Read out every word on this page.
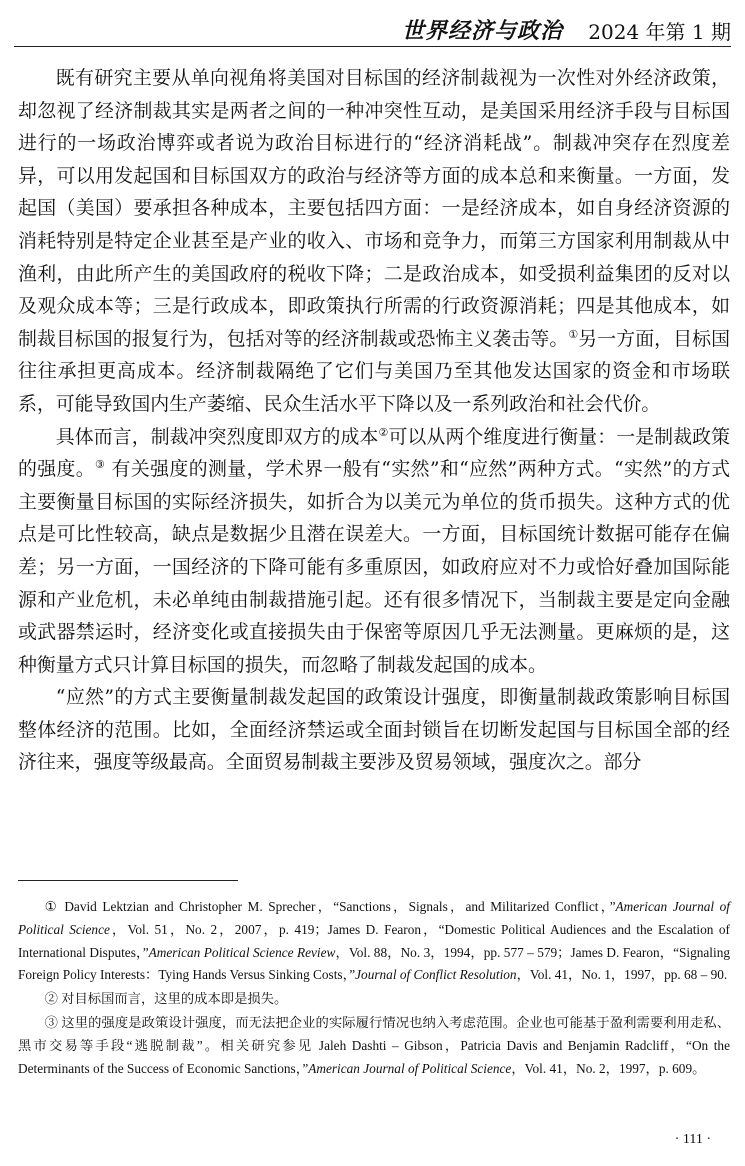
世界经济与政治 2024 年第 1 期

既有研究主要从单向视角将美国对目标国的经济制裁视为一次性对外经济政策，却忽视了经济制裁其实是两者之间的一种冲突性互动，是美国采用经济手段与目标国进行的一场政治博弈或者说为政治目标进行的“经济消耗战”。制裁冲突存在烈度差异，可以用发起国和目标国双方的政治与经济等方面的成本总和来衡量。一方面，发起国（美国）要承担各种成本，主要包括四方面：一是经济成本，如自身经济资源的消耗特别是特定企业甚至是产业的收入、市场和竞争力，而第三方国家利用制裁从中渔利，由此所产生的美国政府的税收下降；二是政治成本，如受损利益集团的反对以及观众成本等；三是行政成本，即政策执行所需的行政资源消耗；四是其他成本，如制裁目标国的报复行为，包括对等的经济制裁或恐怖主义袭击等。①另一方面，目标国往往承担更高成本。经济制裁隔绝了它们与美国乃至其他发达国家的资金和市场联系，可能导致国内生产萎缩、民众生活水平下降以及一系列政治和社会代价。

具体而言，制裁冲突烈度即双方的成本②可以从两个维度进行衡量：一是制裁政策的强度。③ 有关强度的测量，学术界一般有“实然”和“应然”两种方式。“实然”的方式主要衡量目标国的实际经济损失，如折合为以美元为单位的货币损失。这种方式的优点是可比性较高，缺点是数据少且潜在误差大。一方面，目标国统计数据可能存在偏差；另一方面，一国经济的下降可能有多重原因，如政府应对不力或恰好叠加国际能源和产业危机，未必单纯由制裁措施引起。还有很多情况下，当制裁主要是定向金融或武器禁运时，经济变化或直接损失由于保密等原因几乎无法测量。更麻烦的是，这种衡量方式只计算目标国的损失，而忽略了制裁发起国的成本。

“应然”的方式主要衡量制裁发起国的政策设计强度，即衡量制裁政策影响目标国整体经济的范围。比如，全面经济禁运或全面封锁旨在切断发起国与目标国全部的经济往来，强度等级最高。全面贸易制裁主要涉及贸易领域，强度次之。部分

① David Lektzian and Christopher M. Sprecher，“Sanctions，Signals，and Militarized Conflict，”American Journal of Political Science，Vol. 51，No. 2，2007，p. 419；James D. Fearon，“Domestic Political Audiences and the Escalation of International Disputes，”American Political Science Review，Vol. 88，No. 3，1994，pp. 577 – 579；James D. Fearon，“Signaling Foreign Policy Interests：Tying Hands Versus Sinking Costs，”Journal of Conflict Resolution，Vol. 41，No. 1，1997，pp. 68 – 90.

② 对目标国而言，这里的成本即是损失。

③ 这里的强度是政策设计强度，而无法把企业的实际履行情况也纳入考虑范围。企业也可能基于盈利需要利用走私、黑市交易等手段“逃脱制裁”。相关研究参见 Jaleh Dashti – Gibson，Patricia Davis and Benjamin Radcliff，“On the Determinants of the Success of Economic Sanctions，”American Journal of Political Science，Vol. 41，No. 2，1997，p. 609。

· 111 ·
